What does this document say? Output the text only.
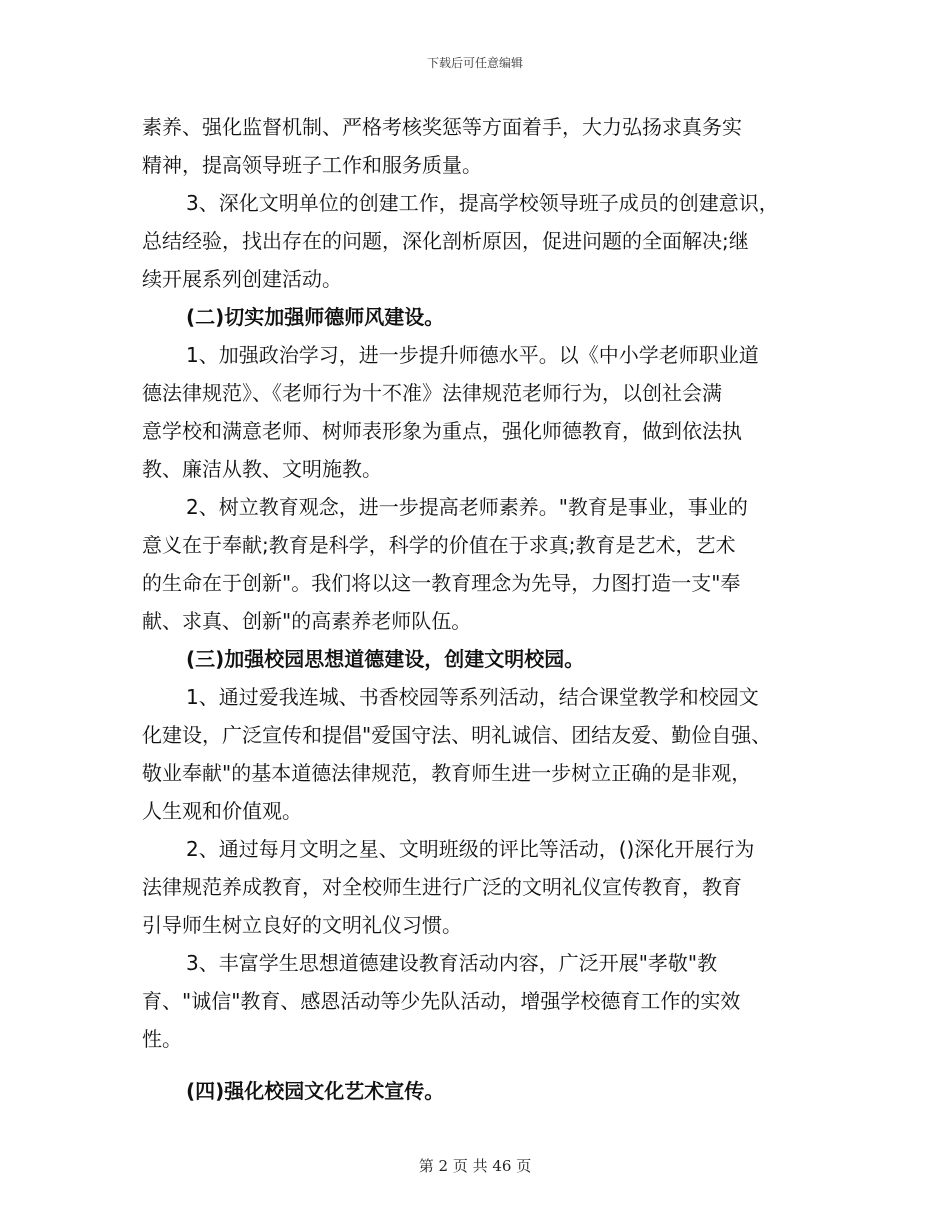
下载后可任意编辑
素养、强化监督机制、严格考核奖惩等方面着手，大力弘扬求真务实
精神，提高领导班子工作和服务质量。
3、深化文明单位的创建工作，提高学校领导班子成员的创建意识，
总结经验，找出存在的问题，深化剖析原因，促进问题的全面解决;继
续开展系列创建活动。
(二)切实加强师德师风建设。
1、加强政治学习，进一步提升师德水平。以《中小学老师职业道
德法律规范》、《老师行为十不准》法律规范老师行为，以创社会满
意学校和满意老师、树师表形象为重点，强化师德教育，做到依法执
教、廉洁从教、文明施教。
2、树立教育观念，进一步提高老师素养。"教育是事业，事业的
意义在于奉献;教育是科学，科学的价值在于求真;教育是艺术，艺术
的生命在于创新"。我们将以这一教育理念为先导，力图打造一支"奉
献、求真、创新"的高素养老师队伍。
(三)加强校园思想道德建设，创建文明校园。
1、通过爱我连城、书香校园等系列活动，结合课堂教学和校园文
化建设，广泛宣传和提倡"爱国守法、明礼诚信、团结友爱、勤俭自强、
敬业奉献"的基本道德法律规范，教育师生进一步树立正确的是非观，
人生观和价值观。
2、通过每月文明之星、文明班级的评比等活动，()深化开展行为
法律规范养成教育，对全校师生进行广泛的文明礼仪宣传教育，教育
引导师生树立良好的文明礼仪习惯。
3、丰富学生思想道德建设教育活动内容，广泛开展"孝敬"教
育、"诚信"教育、感恩活动等少先队活动，增强学校德育工作的实效
性。
(四)强化校园文化艺术宣传。
第 2 页 共 46 页
